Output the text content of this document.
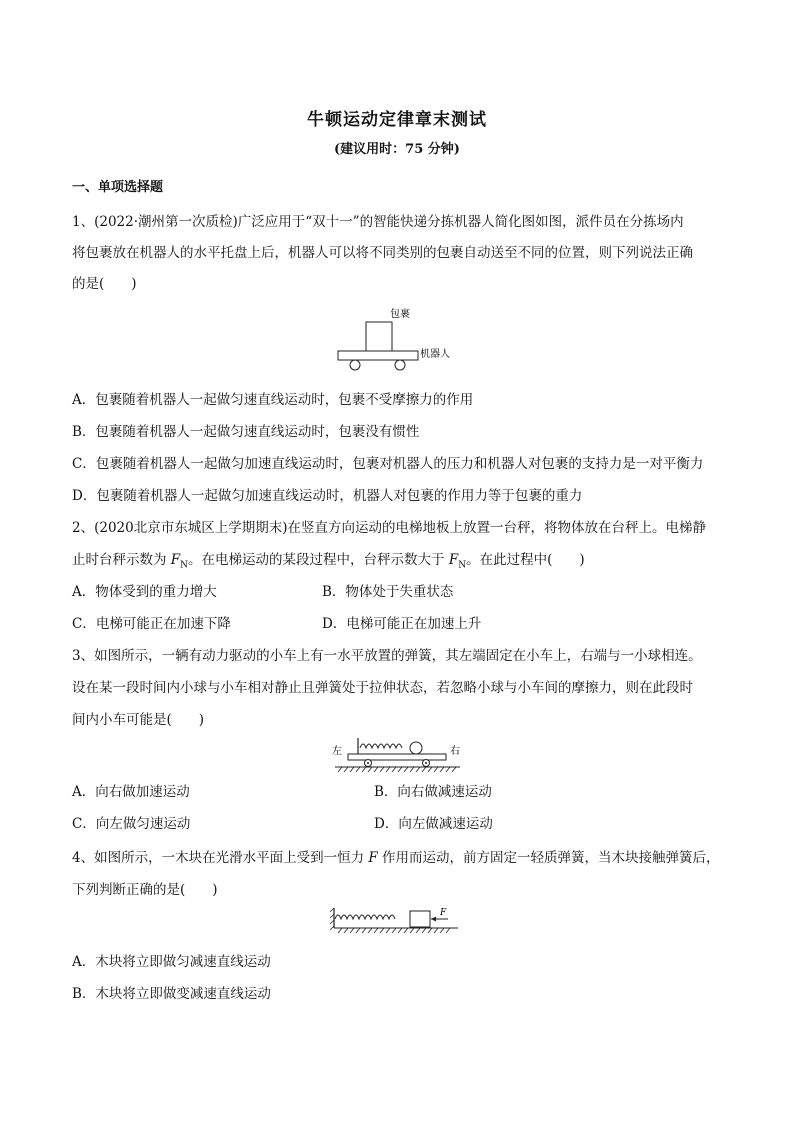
牛顿运动定律章末测试
(建议用时：75 分钟)
一、单项选择题
1、(2022·潮州第一次质检)广泛应用于“双十一”的智能快递分拣机器人简化图如图，派件员在分拣场内
将包裹放在机器人的水平托盘上后，机器人可以将不同类别的包裹自动送至不同的位置，则下列说法正确
的是(　　)
包裹
机器人
A．包裹随着机器人一起做匀速直线运动时，包裹不受摩擦力的作用
B．包裹随着机器人一起做匀速直线运动时，包裹没有惯性
C．包裹随着机器人一起做匀加速直线运动时，包裹对机器人的压力和机器人对包裹的支持力是一对平衡力
D．包裹随着机器人一起做匀加速直线运动时，机器人对包裹的作用力等于包裹的重力
2、(2020北京市东城区上学期期末)在竖直方向运动的电梯地板上放置一台秤，将物体放在台秤上。电梯静
止时台秤示数为 $F_N$。在电梯运动的某段过程中，台秤示数大于 $F_N$。在此过程中(　　)
A．物体受到的重力增大	B．物体处于失重状态
C．电梯可能正在加速下降	D．电梯可能正在加速上升
3、如图所示，一辆有动力驱动的小车上有一水平放置的弹簧，其左端固定在小车上，右端与一小球相连。
设在某一段时间内小球与小车相对静止且弹簧处于拉伸状态，若忽略小球与小车间的摩擦力，则在此段时
间内小车可能是(　　)
左	右
A．向右做加速运动	B．向右做减速运动
C．向左做匀速运动	D．向左做减速运动
4、如图所示，一木块在光滑水平面上受到一恒力 F 作用而运动，前方固定一轻质弹簧，当木块接触弹簧后，
下列判断正确的是(　　)
F
A．木块将立即做匀减速直线运动
B．木块将立即做变减速直线运动
